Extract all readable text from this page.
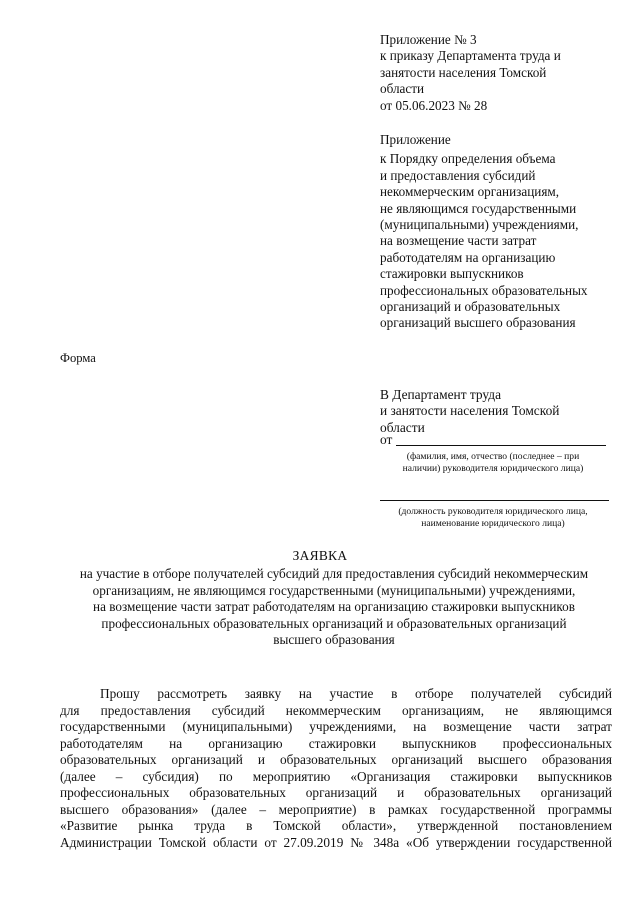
Приложение № 3
к приказу Департамента труда и
занятости населения Томской
области
от 05.06.2023 № 28
Приложение
к Порядку определения объема
и предоставления субсидий
некоммерческим организациям,
не являющимся государственными
(муниципальными) учреждениями,
на возмещение части затрат
работодателям на организацию
стажировки выпускников
профессиональных образовательных
организаций и образовательных
организаций высшего образования
Форма
В Департамент труда
и занятости населения Томской
области
от
(фамилия, имя, отчество (последнее – при
наличии) руководителя юридического лица)
(должность руководителя юридического лица,
наименование юридического лица)
ЗАЯВКА
на участие в отборе получателей субсидий для предоставления субсидий некоммерческим
организациям, не являющимся государственными (муниципальными) учреждениями,
на возмещение части затрат работодателям на организацию стажировки выпускников
профессиональных образовательных организаций и образовательных организаций
высшего образования
Прошу рассмотреть заявку на участие в отборе получателей субсидий
для предоставления субсидий некоммерческим организациям, не являющимся
государственными (муниципальными) учреждениями, на возмещение части затрат
работодателям на организацию стажировки выпускников профессиональных
образовательных организаций и образовательных организаций высшего образования
(далее – субсидия) по мероприятию «Организация стажировки выпускников
профессиональных образовательных организаций и образовательных организаций
высшего образования» (далее – мероприятие) в рамках государственной программы
«Развитие рынка труда в Томской области», утвержденной постановлением
Администрации Томской области от 27.09.2019 № 348а «Об утверждении государственной
